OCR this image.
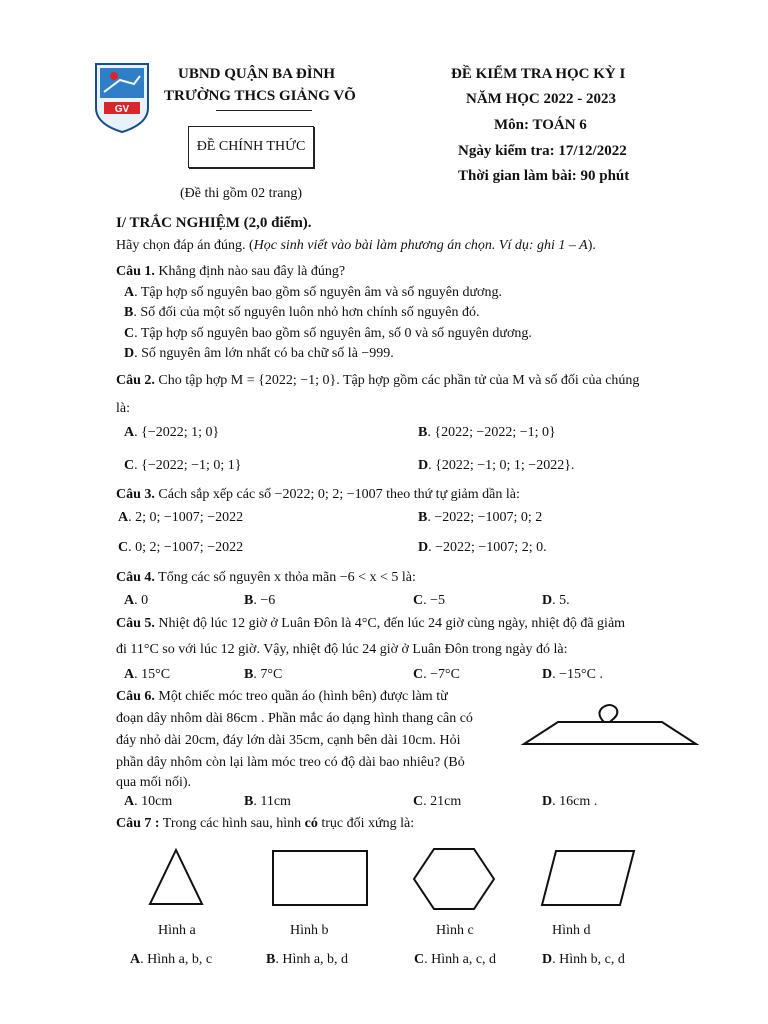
GV
UBND QUẬN BA ĐÌNH
TRƯỜNG THCS GIẢNG VÕ
ĐỀ CHÍNH THỨC
(Đề thi gồm 02 trang)
ĐỀ KIỂM TRA HỌC KỲ I
NĂM HỌC 2022 - 2023
Môn: TOÁN 6
Ngày kiểm tra: 17/12/2022
Thời gian làm bài: 90 phút
I/ TRẮC NGHIỆM (2,0 điểm).
Hãy chọn đáp án đúng. (Học sinh viết vào bài làm phương án chọn. Ví dụ: ghi 1 – A).
Câu 1. Khẳng định nào sau đây là đúng?
A. Tập hợp số nguyên bao gồm số nguyên âm và số nguyên dương.
B. Số đối của một số nguyên luôn nhỏ hơn chính số nguyên đó.
C. Tập hợp số nguyên bao gồm số nguyên âm, số 0 và số nguyên dương.
D. Số nguyên âm lớn nhất có ba chữ số là −999.
Câu 2. Cho tập hợp M = {2022; −1; 0}. Tập hợp gồm các phần tử của M và số đối của chúng
là:
A. {−2022; 1; 0}	B. {2022; −2022; −1; 0}
C. {−2022; −1; 0; 1}	D. {2022; −1; 0; 1; −2022}.
Câu 3. Cách sắp xếp các số −2022; 0; 2; −1007 theo thứ tự giảm dần là:
A. 2; 0; −1007; −2022	B. −2022; −1007; 0; 2
C. 0; 2; −1007; −2022	D. −2022; −1007; 2; 0.
Câu 4. Tổng các số nguyên x thỏa mãn −6 < x < 5 là:
A. 0	B. −6	C. −5	D. 5.
Câu 5. Nhiệt độ lúc 12 giờ ở Luân Đôn là 4°C, đến lúc 24 giờ cùng ngày, nhiệt độ đã giảm
đi 11°C so với lúc 12 giờ. Vậy, nhiệt độ lúc 24 giờ ở Luân Đôn trong ngày đó là:
A. 15°C	B. 7°C	C. −7°C	D. −15°C .
Câu 6. Một chiếc móc treo quần áo (hình bên) được làm từ
đoạn dây nhôm dài 86cm . Phần mắc áo dạng hình thang cân có
đáy nhỏ dài 20cm, đáy lớn dài 35cm, cạnh bên dài 10cm. Hỏi
phần dây nhôm còn lại làm móc treo có độ dài bao nhiêu? (Bỏ
qua mối nối).
A. 10cm	B. 11cm	C. 21cm	D. 16cm .
Câu 7 : Trong các hình sau, hình có trục đối xứng là:
Hình a	Hình b	Hình c	Hình d
A. Hình a, b, c	B. Hình a, b, d	C. Hình a, c, d	D. Hình b, c, d
